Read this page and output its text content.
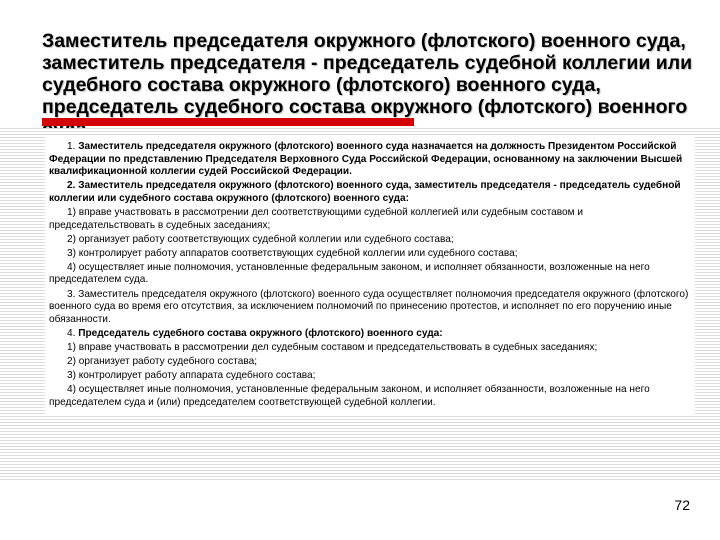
Заместитель председателя окружного (флотского) военного суда, заместитель председателя - председатель судебной коллегии или судебного состава окружного (флотского) военного суда, председатель судебного состава окружного (флотского) военного

1. Заместитель председателя окружного (флотского) военного суда назначается на должность Президентом Российской Федерации по представлению Председателя Верховного Суда Российской Федерации, основанному на заключении Высшей квалификационной коллегии судей Российской Федерации.

2. Заместитель председателя окружного (флотского) военного суда, заместитель председателя - председатель судебной коллегии или судебного состава окружного (флотского) военного суда:

1) вправе участвовать в рассмотрении дел соответствующими судебной коллегией или судебным составом и председательствовать в судебных заседаниях;

2) организует работу соответствующих судебной коллегии или судебного состава;

3) контролирует работу аппаратов соответствующих судебной коллегии или судебного состава;

4) осуществляет иные полномочия, установленные федеральным законом, и исполняет обязанности, возложенные на него председателем суда.

3. Заместитель председателя окружного (флотского) военного суда осуществляет полномочия председателя окружного (флотского) военного суда во время его отсутствия, за исключением полномочий по принесению протестов, и исполняет по его поручению иные обязанности.

4. Председатель судебного состава окружного (флотского) военного суда:

1) вправе участвовать в рассмотрении дел судебным составом и председательствовать в судебных заседаниях;

2) организует работу судебного состава;

3) контролирует работу аппарата судебного состава;

4) осуществляет иные полномочия, установленные федеральным законом, и исполняет обязанности, возложенные на него председателем суда и (или) председателем соответствующей судебной коллегии.

72
